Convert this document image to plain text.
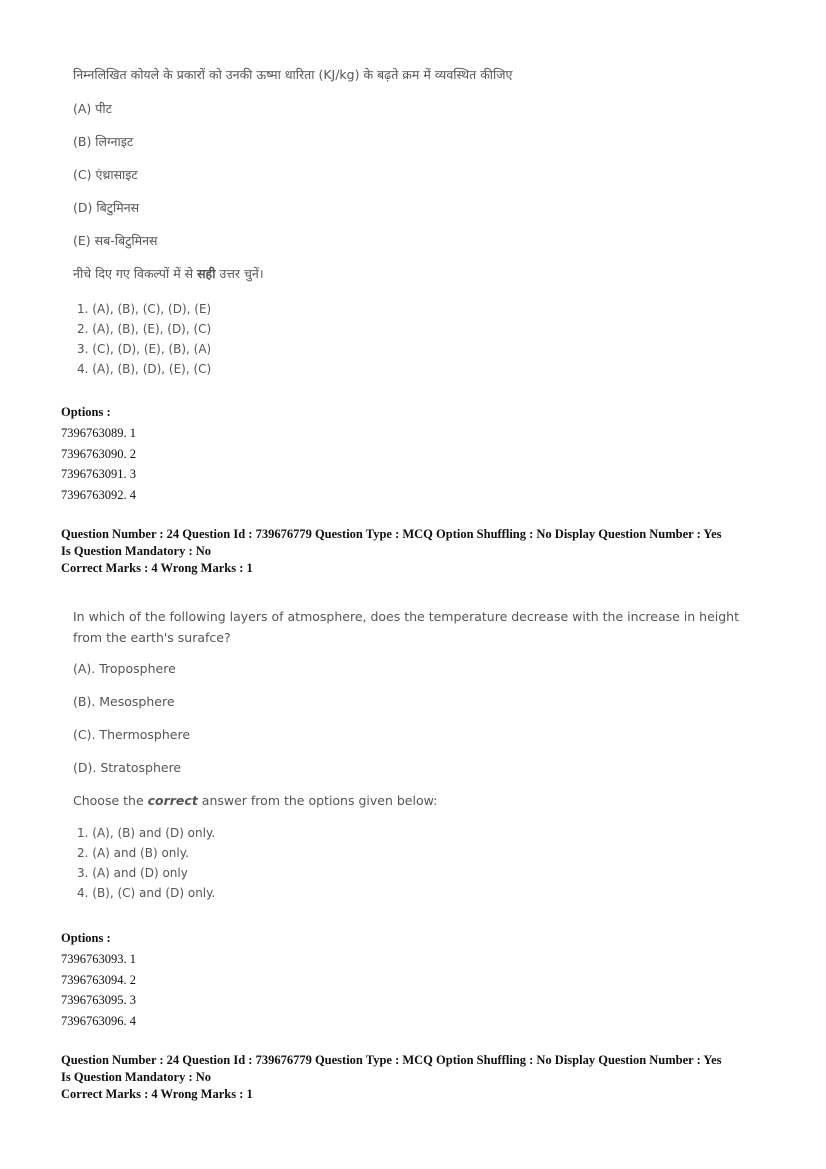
निम्नलिखित कोयले के प्रकारों को उनकी ऊष्मा धारिता (KJ/kg) के बढ़ते क्रम में व्यवस्थित कीजिए
(A) पीट
(B) लिग्नाइट
(C) एंथ्रासाइट
(D) बिटुमिनस
(E) सब-बिटुमिनस
नीचे दिए गए विकल्पों में से सही उत्तर चुनें।
1. (A), (B), (C), (D), (E)
2. (A), (B), (E), (D), (C)
3. (C), (D), (E), (B), (A)
4. (A), (B), (D), (E), (C)
Options :
7396763089. 1
7396763090. 2
7396763091. 3
7396763092. 4
Question Number : 24 Question Id : 739676779 Question Type : MCQ Option Shuffling : No Display Question Number : Yes
Is Question Mandatory : No
Correct Marks : 4 Wrong Marks : 1
In which of the following layers of atmosphere, does the temperature decrease with the increase in height from the earth's surafce?
(A). Troposphere
(B). Mesosphere
(C). Thermosphere
(D). Stratosphere
Choose the correct answer from the options given below:
1. (A), (B) and (D) only.
2. (A) and (B) only.
3. (A) and (D) only
4. (B), (C) and (D) only.
Options :
7396763093. 1
7396763094. 2
7396763095. 3
7396763096. 4
Question Number : 24 Question Id : 739676779 Question Type : MCQ Option Shuffling : No Display Question Number : Yes
Is Question Mandatory : No
Correct Marks : 4 Wrong Marks : 1
